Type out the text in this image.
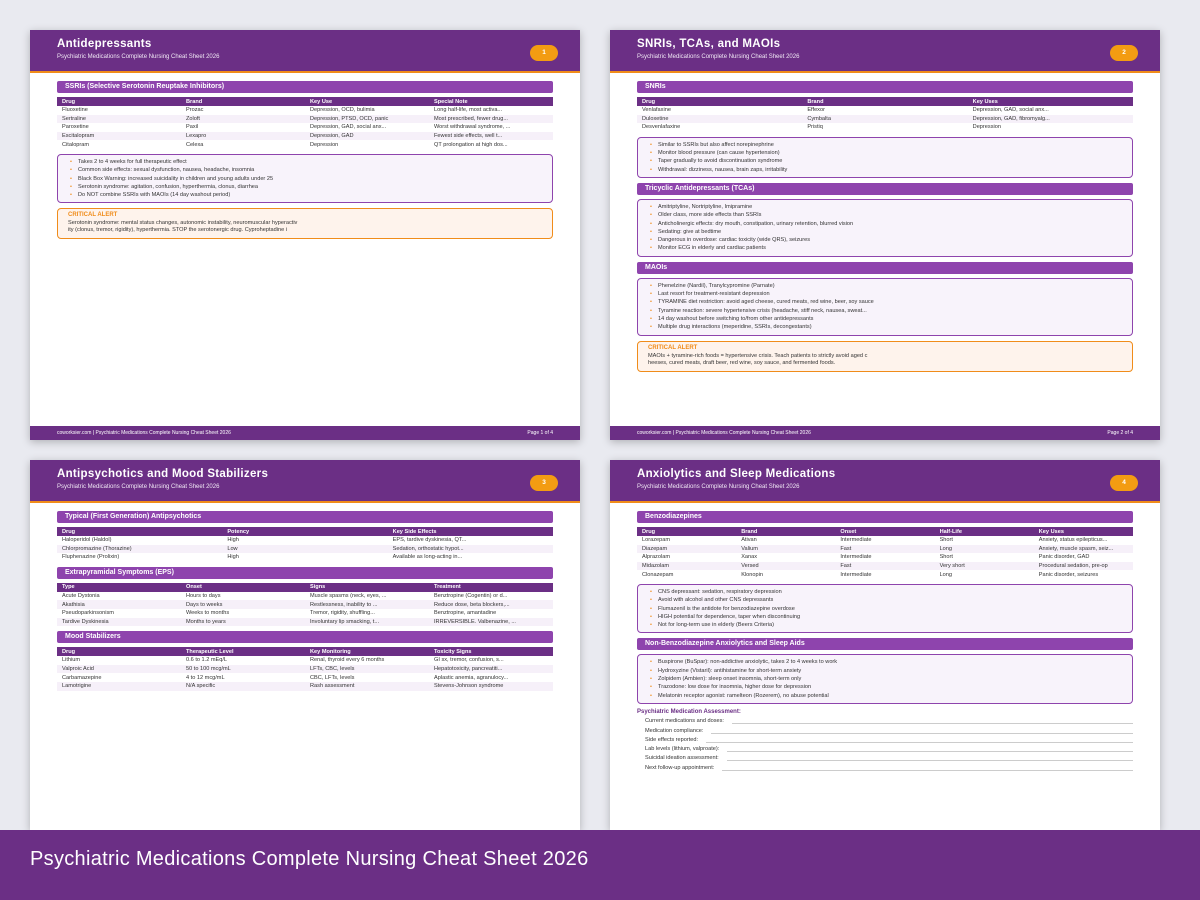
Antidepressants
Psychiatric Medications Complete Nursing Cheat Sheet 2026
1
SSRIs (Selective Serotonin Reuptake Inhibitors)
Drug	Brand	Key Use	Special Note
Fluoxetine	Prozac	Depression, OCD, bulimia	Long half-life, most activa...
Sertraline	Zoloft	Depression, PTSD, OCD, panic	Most prescribed, fewer drug...
Paroxetine	Paxil	Depression, GAD, social anx...	Worst withdrawal syndrome, ...
Escitalopram	Lexapro	Depression, GAD	Fewest side effects, well t...
Citalopram	Celexa	Depression	QT prolongation at high dos...
• Takes 2 to 4 weeks for full therapeutic effect
• Common side effects: sexual dysfunction, nausea, headache, insomnia
• Black Box Warning: increased suicidality in children and young adults under 25
• Serotonin syndrome: agitation, confusion, hyperthermia, clonus, diarrhea
• Do NOT combine SSRIs with MAOIs (14 day washout period)
CRITICAL ALERT
Serotonin syndrome: mental status changes, autonomic instability, neuromuscular hyperactiv
ity (clonus, tremor, rigidity), hyperthermia. STOP the serotonergic drug. Cyproheptadine i
coworksier.com | Psychiatric Medications Complete Nursing Cheat Sheet 2026	Page 1 of 4
SNRIs, TCAs, and MAOIs
Psychiatric Medications Complete Nursing Cheat Sheet 2026
2
SNRIs
Drug	Brand	Key Uses
Venlafaxine	Effexor	Depression, GAD, social anx...
Duloxetine	Cymbalta	Depression, GAD, fibromyalg...
Desvenlafaxine	Pristiq	Depression
• Similar to SSRIs but also affect norepinephrine
• Monitor blood pressure (can cause hypertension)
• Taper gradually to avoid discontinuation syndrome
• Withdrawal: dizziness, nausea, brain zaps, irritability
Tricyclic Antidepressants (TCAs)
• Amitriptyline, Nortriptyline, Imipramine
• Older class, more side effects than SSRIs
• Anticholinergic effects: dry mouth, constipation, urinary retention, blurred vision
• Sedating: give at bedtime
• Dangerous in overdose: cardiac toxicity (wide QRS), seizures
• Monitor ECG in elderly and cardiac patients
MAOIs
• Phenelzine (Nardil), Tranylcypromine (Parnate)
• Last resort for treatment-resistant depression
• TYRAMINE diet restriction: avoid aged cheese, cured meats, red wine, beer, soy sauce
• Tyramine reaction: severe hypertensive crisis (headache, stiff neck, nausea, sweat...
• 14 day washout before switching to/from other antidepressants
• Multiple drug interactions (meperidine, SSRIs, decongestants)
CRITICAL ALERT
MAOIs + tyramine-rich foods = hypertensive crisis. Teach patients to strictly avoid aged c
heeses, cured meats, draft beer, red wine, soy sauce, and fermented foods.
coworksier.com | Psychiatric Medications Complete Nursing Cheat Sheet 2026	Page 2 of 4
Antipsychotics and Mood Stabilizers
Psychiatric Medications Complete Nursing Cheat Sheet 2026
3
Typical (First Generation) Antipsychotics
Drug	Potency	Key Side Effects
Haloperidol (Haldol)	High	EPS, tardive dyskinesia, QT...
Chlorpromazine (Thorazine)	Low	Sedation, orthostatic hypot...
Fluphenazine (Prolixin)	High	Available as long-acting in...
Extrapyramidal Symptoms (EPS)
Type	Onset	Signs	Treatment
Acute Dystonia	Hours to days	Muscle spasms (neck, eyes, ...	Benztropine (Cogentin) or d...
Akathisia	Days to weeks	Restlessness, inability to ...	Reduce dose, beta blockers,...
Pseudoparkinsonism	Weeks to months	Tremor, rigidity, shuffling...	Benztropine, amantadine
Tardive Dyskinesia	Months to years	Involuntary lip smacking, t...	IRREVERSIBLE. Valbenazine, ...
Mood Stabilizers
Drug	Therapeutic Level	Key Monitoring	Toxicity Signs
Lithium	0.6 to 1.2 mEq/L	Renal, thyroid every 6 months	GI sx, tremor, confusion, s...
Valproic Acid	50 to 100 mcg/mL	LFTs, CBC, levels	Hepatotoxicity, pancreatiti...
Carbamazepine	4 to 12 mcg/mL	CBC, LFTs, levels	Aplastic anemia, agranulocy...
Lamotrigine	N/A specific	Rash assessment	Stevens-Johnson syndrome
Anxiolytics and Sleep Medications
Psychiatric Medications Complete Nursing Cheat Sheet 2026
4
Benzodiazepines
Drug	Brand	Onset	Half-Life	Key Uses
Lorazepam	Ativan	Intermediate	Short	Anxiety, status epilepticus...
Diazepam	Valium	Fast	Long	Anxiety, muscle spasm, seiz...
Alprazolam	Xanax	Intermediate	Short	Panic disorder, GAD
Midazolam	Versed	Fast	Very short	Procedural sedation, pre-op
Clonazepam	Klonopin	Intermediate	Long	Panic disorder, seizures
• CNS depressant: sedation, respiratory depression
• Avoid with alcohol and other CNS depressants
• Flumazenil is the antidote for benzodiazepine overdose
• HIGH potential for dependence, taper when discontinuing
• Not for long-term use in elderly (Beers Criteria)
Non-Benzodiazepine Anxiolytics and Sleep Aids
• Buspirone (BuSpar): non-addictive anxiolytic, takes 2 to 4 weeks to work
• Hydroxyzine (Vistaril): antihistamine for short-term anxiety
• Zolpidem (Ambien): sleep onset insomnia, short-term only
• Trazodone: low dose for insomnia, higher dose for depression
• Melatonin receptor agonist: ramelteon (Rozerem), no abuse potential
Psychiatric Medication Assessment:
Current medications and doses:
Medication compliance:
Side effects reported:
Lab levels (lithium, valproate):
Suicidal ideation assessment:
Next follow-up appointment:
Psychiatric Medications Complete Nursing Cheat Sheet 2026
